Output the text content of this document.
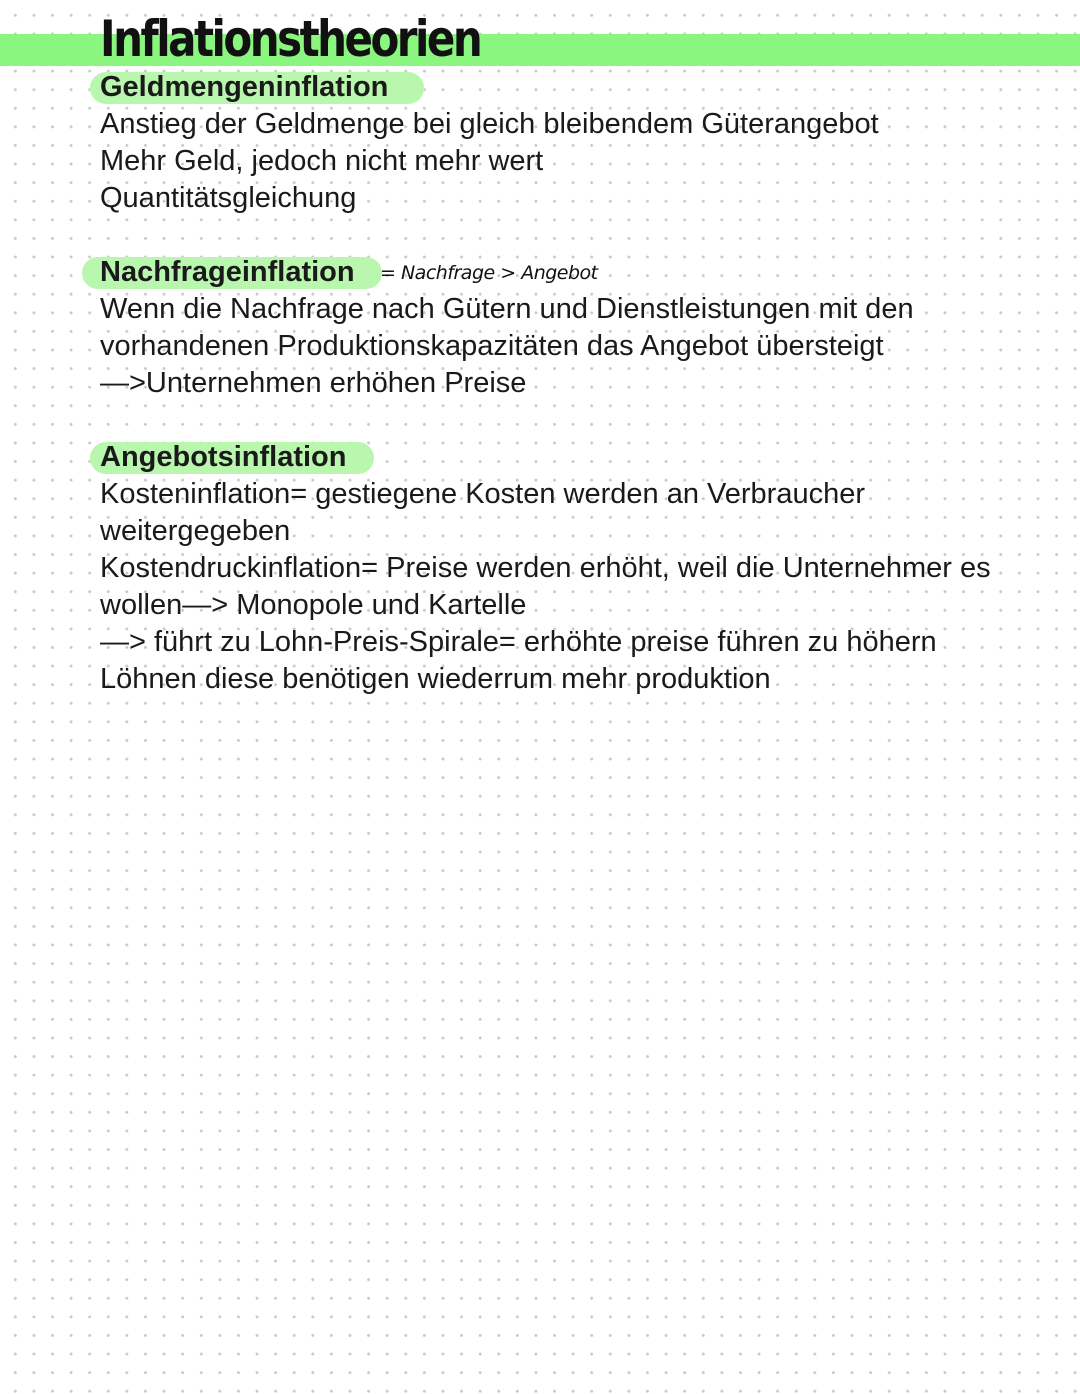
Inflationstheorien
Geldmengeninflation
Anstieg der Geldmenge bei gleich bleibendem Güterangebot
Mehr Geld, jedoch nicht mehr wert
Quantitätsgleichung
Nachfrageinflation = Nachfrage > Angebot
Wenn die Nachfrage nach Gütern und Dienstleistungen mit den
vorhandenen Produktionskapazitäten das Angebot übersteigt
—>Unternehmen erhöhen Preise
Angebotsinflation
Kosteninflation= gestiegene Kosten werden an Verbraucher
weitergegeben
Kostendruckinflation= Preise werden erhöht, weil die Unternehmer es
wollen—> Monopole und Kartelle
—> führt zu Lohn-Preis-Spirale= erhöhte preise führen zu höhern
Löhnen diese benötigen wiederrum mehr produktion
